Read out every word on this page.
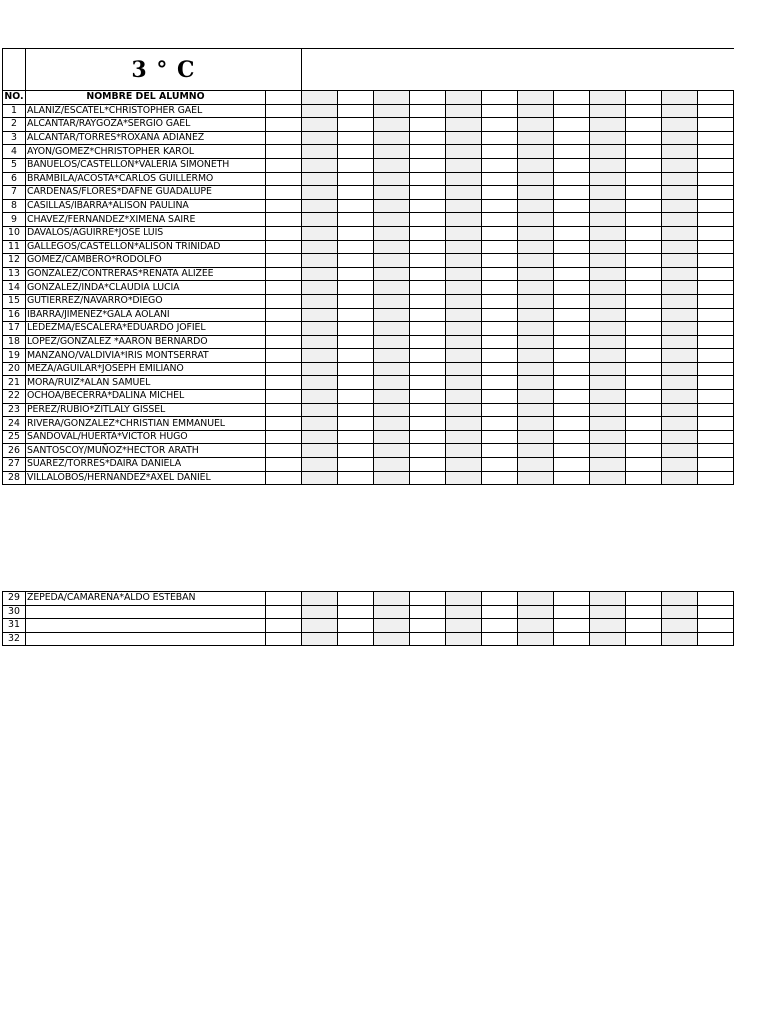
	3 ° C													
NO.	NOMBRE DEL ALUMNO													
1	ALANIZ/ESCATEL*CHRISTOPHER GAEL													
2	ALCANTAR/RAYGOZA*SERGIO GAEL													
3	ALCANTAR/TORRES*ROXANA ADIANEZ													
4	AYON/GOMEZ*CHRISTOPHER KAROL													
5	BAÑUELOS/CASTELLON*VALERIA SIMONETH													
6	BRAMBILA/ACOSTA*CARLOS GUILLERMO													
7	CARDENAS/FLORES*DAFNE GUADALUPE													
8	CASILLAS/IBARRA*ALISON PAULINA													
9	CHAVEZ/FERNANDEZ*XIMENA SAIRE													
10	DAVALOS/AGUIRRE*JOSE LUIS													
11	GALLEGOS/CASTELLON*ALISON TRINIDAD													
12	GOMEZ/CAMBERO*RODOLFO													
13	GONZALEZ/CONTRERAS*RENATA ALIZEE													
14	GONZALEZ/INDA*CLAUDIA LUCIA													
15	GUTIERREZ/NAVARRO*DIEGO													
16	IBARRA/JIMENEZ*GALA AOLANI													
17	LEDEZMA/ESCALERA*EDUARDO JOFIEL													
18	LOPEZ/GONZALEZ *AARON BERNARDO													
19	MANZANO/VALDIVIA*IRIS MONTSERRAT													
20	MEZA/AGUILAR*JOSEPH EMILIANO													
21	MORA/RUIZ*ALAN SAMUEL													
22	OCHOA/BECERRA*DALINA MICHEL													
23	PEREZ/RUBIO*ZITLALY GISSEL													
24	RIVERA/GONZALEZ*CHRISTIAN EMMANUEL													
25	SANDOVAL/HUERTA*VICTOR HUGO													
26	SANTOSCOY/MUÑOZ*HECTOR ARATH													
27	SUAREZ/TORRES*DAIRA DANIELA													
28	VILLALOBOS/HERNANDEZ*AXEL DANIEL													
29	ZEPEDA/CAMARENA*ALDO ESTEBAN													
30														
31														
32														
